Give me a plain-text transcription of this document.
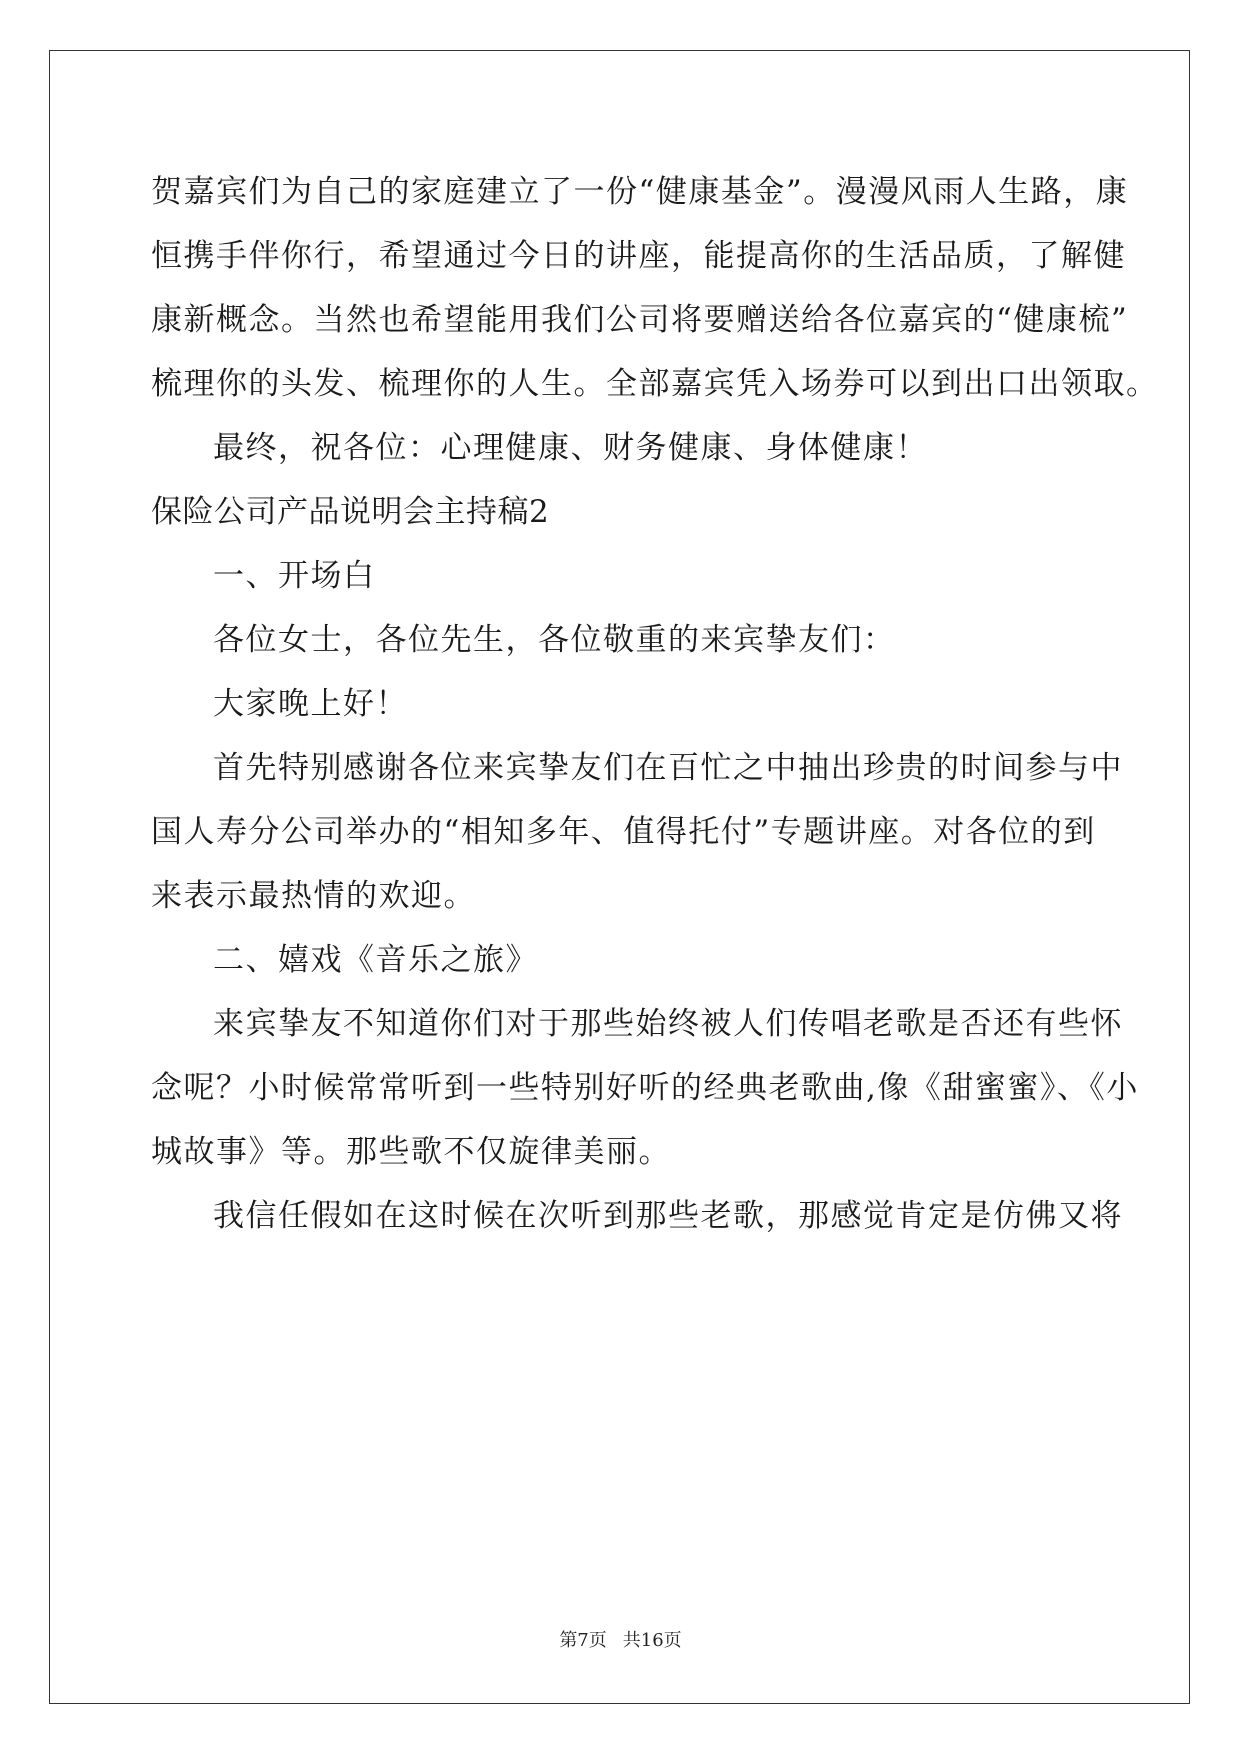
贺嘉宾们为自己的家庭建立了一份“健康基金”。漫漫风雨人生路，康
恒携手伴你行，希望通过今日的讲座，能提高你的生活品质，了解健
康新概念。当然也希望能用我们公司将要赠送给各位嘉宾的“健康梳”
梳理你的头发、梳理你的人生。全部嘉宾凭入场券可以到出口出领取。
最终，祝各位：心理健康、财务健康、身体健康！
保险公司产品说明会主持稿2
一、开场白
各位女士，各位先生，各位敬重的来宾挚友们：
大家晚上好！
首先特别感谢各位来宾挚友们在百忙之中抽出珍贵的时间参与中
国人寿分公司举办的“相知多年、值得托付”专题讲座。对各位的到
来表示最热情的欢迎。
二、嬉戏《音乐之旅》
来宾挚友不知道你们对于那些始终被人们传唱老歌是否还有些怀
念呢？小时候常常听到一些特别好听的经典老歌曲,像《甜蜜蜜》、《小
城故事》等。那些歌不仅旋律美丽。
我信任假如在这时候在次听到那些老歌，那感觉肯定是仿佛又将
第7页 共16页
